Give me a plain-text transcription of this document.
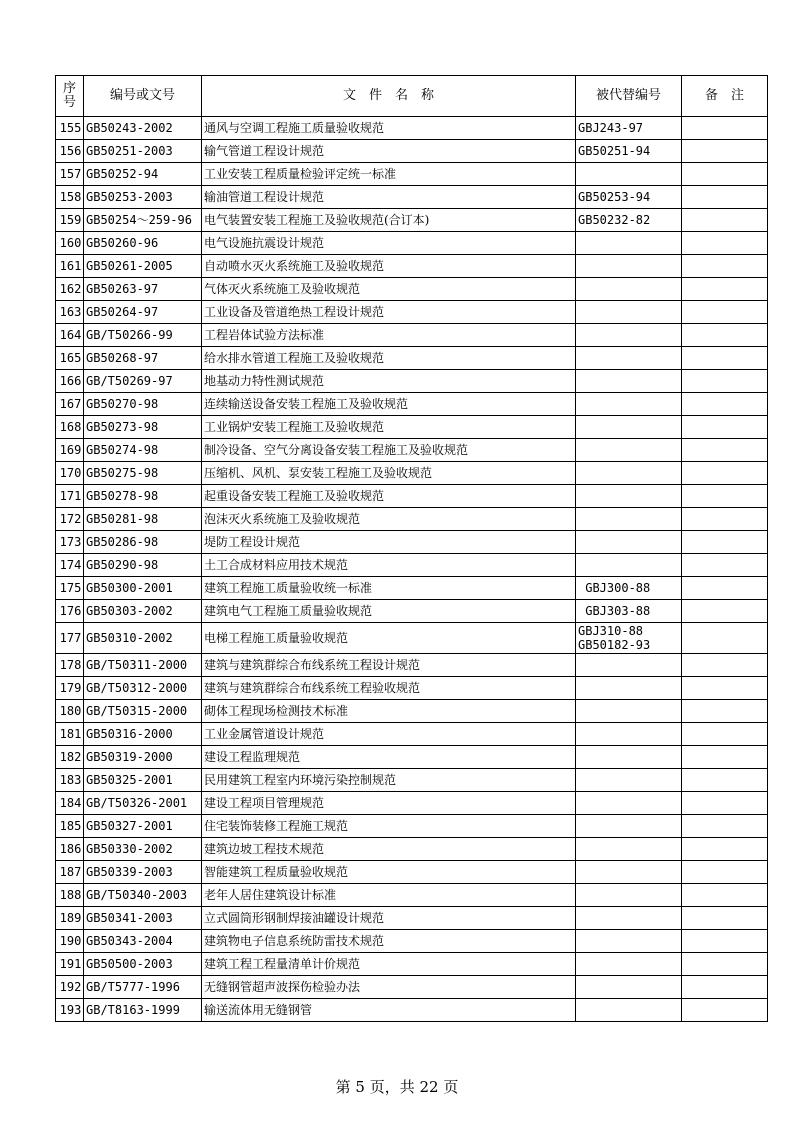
序
号	编号或文号	文　件　名　称	被代替编号	备　注
155	GB50243-2002	通风与空调工程施工质量验收规范	GBJ243-97	

156	GB50251-2003	输气管道工程设计规范	GB50251-94	

157	GB50252-94	工业安装工程质量检验评定统一标准		
158	GB50253-2003	输油管道工程设计规范	GB50253-94	

159	GB50254～259-96	电气装置安装工程施工及验收规范(合订本)	GB50232-82	

160	GB50260-96	电气设施抗震设计规范		
161	GB50261-2005	自动喷水灭火系统施工及验收规范		
162	GB50263-97	气体灭火系统施工及验收规范		
163	GB50264-97	工业设备及管道绝热工程设计规范		
164	GB/T50266-99	工程岩体试验方法标准		
165	GB50268-97	给水排水管道工程施工及验收规范		
166	GB/T50269-97	地基动力特性测试规范		
167	GB50270-98	连续输送设备安装工程施工及验收规范		
168	GB50273-98	工业锅炉安装工程施工及验收规范		
169	GB50274-98	制冷设备、空气分离设备安装工程施工及验收规范		
170	GB50275-98	压缩机、风机、泵安装工程施工及验收规范		
171	GB50278-98	起重设备安装工程施工及验收规范		
172	GB50281-98	泡沫灭火系统施工及验收规范		
173	GB50286-98	堤防工程设计规范		
174	GB50290-98	土工合成材料应用技术规范		
175	GB50300-2001	建筑工程施工质量验收统一标准	GBJ300-88	

176	GB50303-2002	建筑电气工程施工质量验收规范	GBJ303-88	

177	GB50310-2002	电梯工程施工质量验收规范	GBJ310-88
GB50182-93	

178	GB/T50311-2000	建筑与建筑群综合布线系统工程设计规范		
179	GB/T50312-2000	建筑与建筑群综合布线系统工程验收规范		
180	GB/T50315-2000	砌体工程现场检测技术标准		
181	GB50316-2000	工业金属管道设计规范		
182	GB50319-2000	建设工程监理规范		
183	GB50325-2001	民用建筑工程室内环境污染控制规范		
184	GB/T50326-2001	建设工程项目管理规范		
185	GB50327-2001	住宅装饰装修工程施工规范		
186	GB50330-2002	建筑边坡工程技术规范		
187	GB50339-2003	智能建筑工程质量验收规范		
188	GB/T50340-2003	老年人居住建筑设计标准		
189	GB50341-2003	立式圆筒形钢制焊接油罐设计规范		
190	GB50343-2004	建筑物电子信息系统防雷技术规范		
191	GB50500-2003	建筑工程工程量清单计价规范		
192	GB/T5777-1996	无缝钢管超声波探伤检验办法		
193	GB/T8163-1999	输送流体用无缝钢管		
第 5 页，共 22 页
